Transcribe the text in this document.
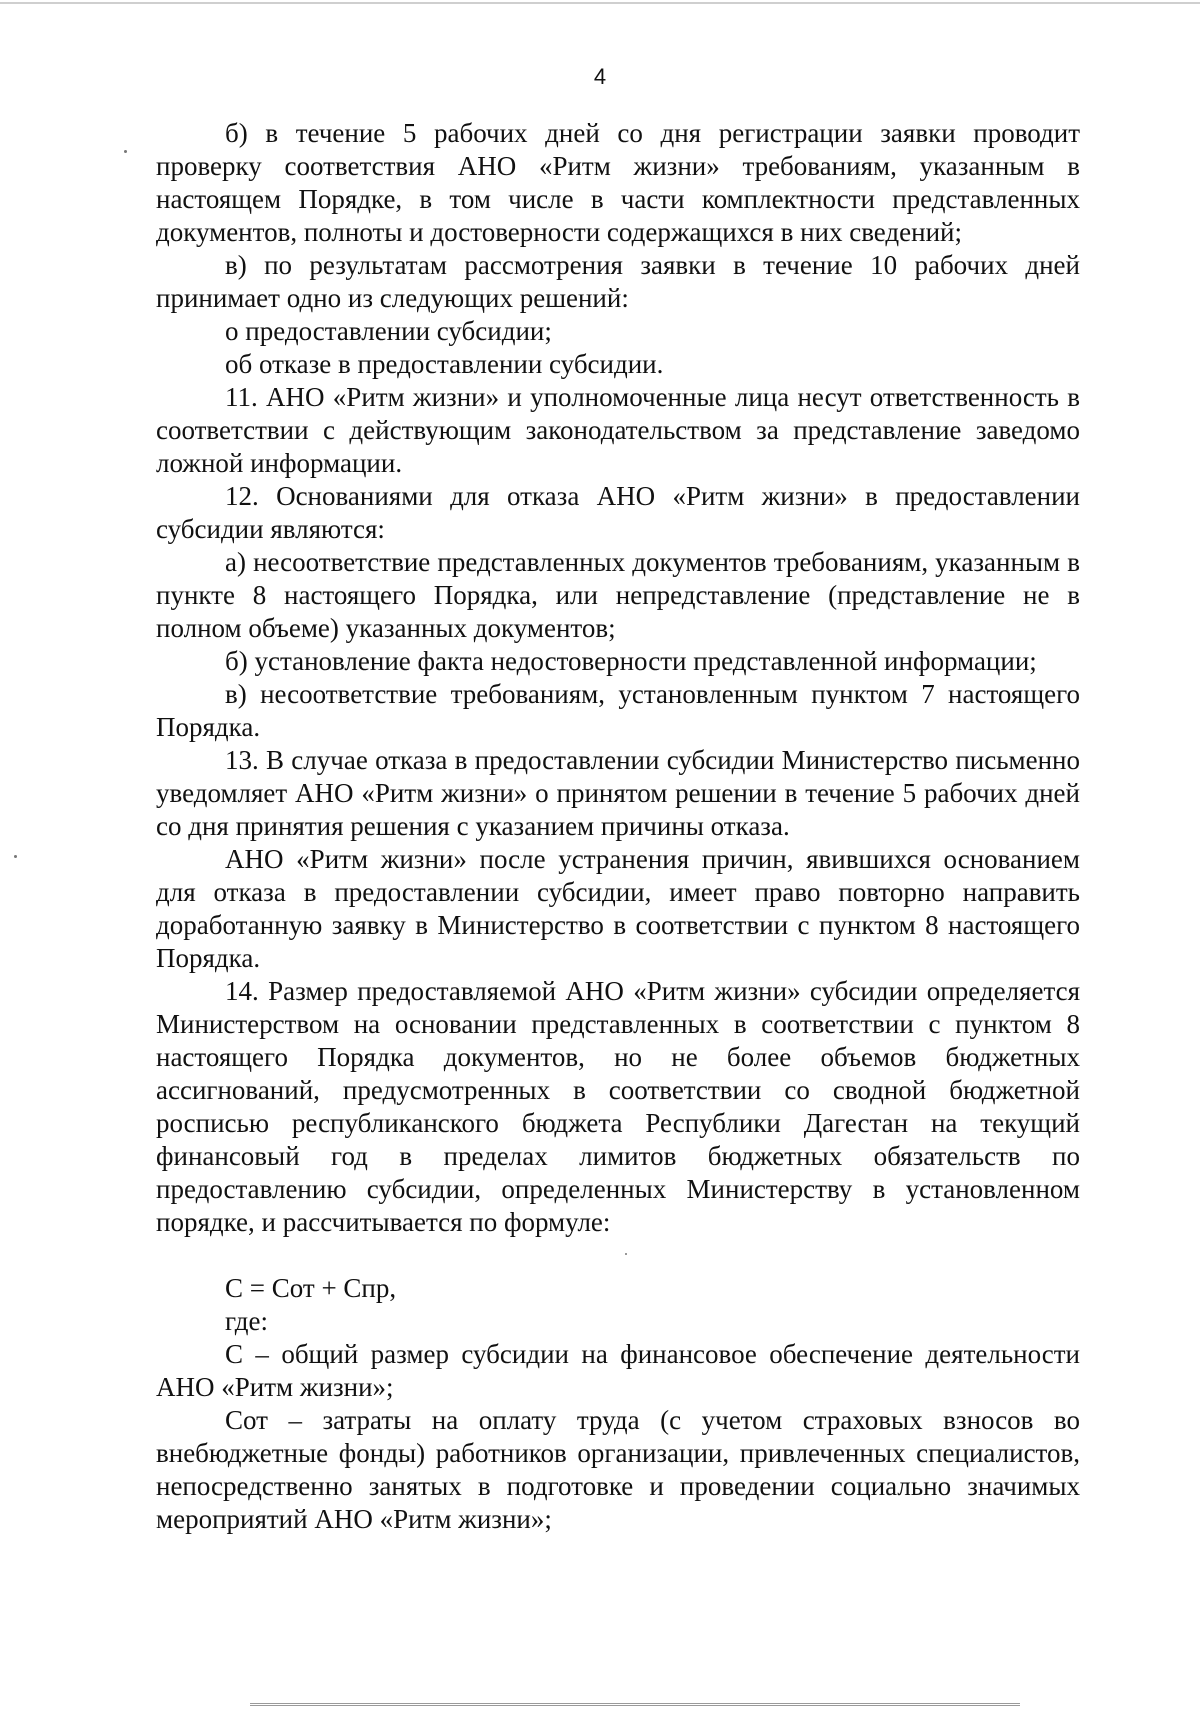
4

б) в течение 5 рабочих дней со дня регистрации заявки проводит проверку соответствия АНО «Ритм жизни» требованиям, указанным в настоящем Порядке, в том числе в части комплектности представленных документов, полноты и достоверности содержащихся в них сведений;

в) по результатам рассмотрения заявки в течение 10 рабочих дней принимает одно из следующих решений:

о предоставлении субсидии;

об отказе в предоставлении субсидии.

11. АНО «Ритм жизни» и уполномоченные лица несут ответственность в соответствии с действующим законодательством за представление заведомо ложной информации.

12. Основаниями для отказа АНО «Ритм жизни» в предоставлении субсидии являются:

а) несоответствие представленных документов требованиям, указанным в пункте 8 настоящего Порядка, или непредставление (представление не в полном объеме) указанных документов;

б) установление факта недостоверности представленной информации;

в) несоответствие требованиям, установленным пунктом 7 настоящего Порядка.

13. В случае отказа в предоставлении субсидии Министерство письменно уведомляет АНО «Ритм жизни» о принятом решении в течение 5 рабочих дней со дня принятия решения с указанием причины отказа.

АНО «Ритм жизни» после устранения причин, явившихся основанием для отказа в предоставлении субсидии, имеет право повторно направить доработанную заявку в Министерство в соответствии с пунктом 8 настоящего Порядка.

14. Размер предоставляемой АНО «Ритм жизни» субсидии определяется Министерством на основании представленных в соответствии с пунктом 8 настоящего Порядка документов, но не более объемов бюджетных ассигнований, предусмотренных в соответствии со сводной бюджетной росписью республиканского бюджета Республики Дагестан на текущий финансовый год в пределах лимитов бюджетных обязательств по предоставлению субсидии, определенных Министерству в установленном порядке, и рассчитывается по формуле:

C = Cот + Cпр,

где:

C – общий размер субсидии на финансовое обеспечение деятельности АНО «Ритм жизни»;

Cот – затраты на оплату труда (с учетом страховых взносов во внебюджетные фонды) работников организации, привлеченных специалистов, непосредственно занятых в подготовке и проведении социально значимых мероприятий АНО «Ритм жизни»;
